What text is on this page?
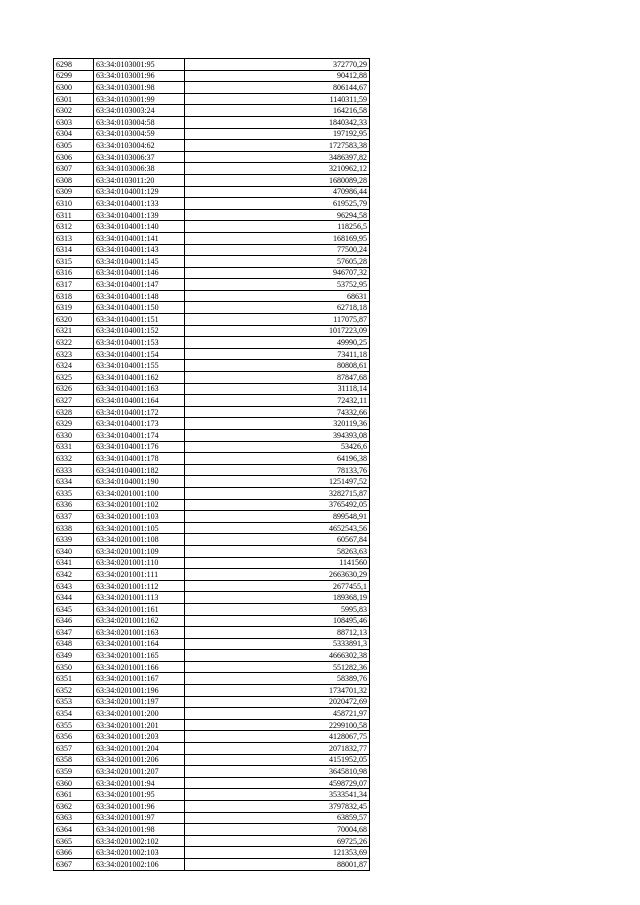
6298	63:34:0103001:95	372770,29
6299	63:34:0103001:96	90412,88
6300	63:34:0103001:98	806144,67
6301	63:34:0103001:99	1140311,59
6302	63:34:0103003:24	164216,58
6303	63:34:0103004:58	1840342,33
6304	63:34:0103004:59	197192,95
6305	63:34:0103004:62	1727583,38
6306	63:34:0103006:37	3486397,82
6307	63:34:0103006:38	3210962,12
6308	63:34:0103011:20	1680089,28
6309	63:34:0104001:129	470986,44
6310	63:34:0104001:133	619525,79
6311	63:34:0104001:139	96294,58
6312	63:34:0104001:140	118256,5
6313	63:34:0104001:141	168169,95
6314	63:34:0104001:143	77500,24
6315	63:34:0104001:145	57605,28
6316	63:34:0104001:146	946707,32
6317	63:34:0104001:147	53752,95
6318	63:34:0104001:148	68631
6319	63:34:0104001:150	62718,18
6320	63:34:0104001:151	117075,87
6321	63:34:0104001:152	1017223,09
6322	63:34:0104001:153	49990,25
6323	63:34:0104001:154	73411,18
6324	63:34:0104001:155	80808,61
6325	63:34:0104001:162	87847,68
6326	63:34:0104001:163	31118,14
6327	63:34:0104001:164	72432,11
6328	63:34:0104001:172	74332,66
6329	63:34:0104001:173	320119,36
6330	63:34:0104001:174	394393,08
6331	63:34:0104001:176	53426,6
6332	63:34:0104001:178	64196,38
6333	63:34:0104001:182	78133,76
6334	63:34:0104001:190	1251497,52
6335	63:34:0201001:100	3282715,87
6336	63:34:0201001:102	3765492,05
6337	63:34:0201001:103	899548,91
6338	63:34:0201001:105	4652543,56
6339	63:34:0201001:108	60567,84
6340	63:34:0201001:109	58263,63
6341	63:34:0201001:110	1141560
6342	63:34:0201001:111	2663630,29
6343	63:34:0201001:112	2677455,1
6344	63:34:0201001:113	189368,19
6345	63:34:0201001:161	5995,83
6346	63:34:0201001:162	108495,46
6347	63:34:0201001:163	88712,13
6348	63:34:0201001:164	5333891,3
6349	63:34:0201001:165	4666302,38
6350	63:34:0201001:166	551282,36
6351	63:34:0201001:167	58389,76
6352	63:34:0201001:196	1734701,32
6353	63:34:0201001:197	2020472,69
6354	63:34:0201001:200	458721,97
6355	63:34:0201001:201	2299100,58
6356	63:34:0201001:203	4128067,75
6357	63:34:0201001:204	2071832,77
6358	63:34:0201001:206	4151952,05
6359	63:34:0201001:207	3645810,98
6360	63:34:0201001:94	4598729,07
6361	63:34:0201001:95	3533541,34
6362	63:34:0201001:96	3797832,45
6363	63:34:0201001:97	63859,57
6364	63:34:0201001:98	70004,68
6365	63:34:0201002:102	69725,26
6366	63:34:0201002:103	121353,69
6367	63:34:0201002:106	88001,87
